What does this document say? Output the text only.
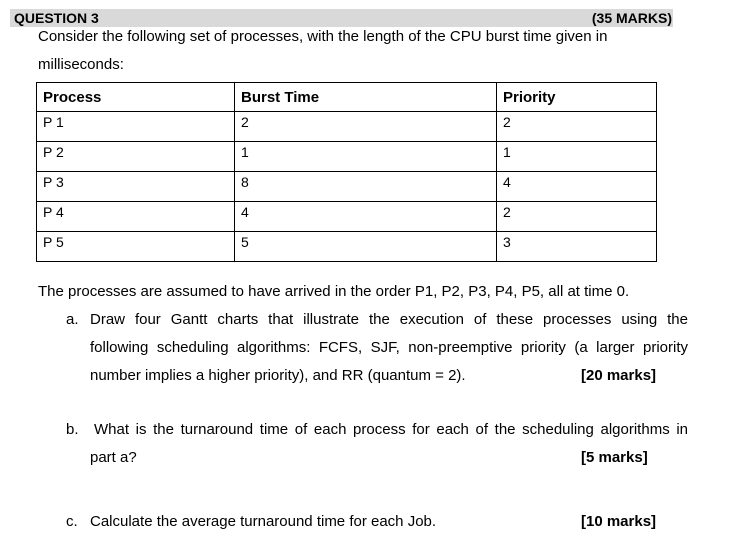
QUESTION 3	(35 MARKS)
Consider the following set of processes, with the length of the CPU burst time given in
milliseconds:
Process	Burst Time	Priority
P 1	2	2
P 2	1	1
P 3	8	4
P 4	4	2
P 5	5	3
The processes are assumed to have arrived in the order P1, P2, P3, P4, P5, all at time 0.
a. Draw four Gantt charts that illustrate the execution of these processes using the
following scheduling algorithms: FCFS, SJF, non-preemptive priority (a larger priority
number implies a higher priority), and RR (quantum = 2).	[20 marks]
b. What is the turnaround time of each process for each of the scheduling algorithms in
part a?	[5 marks]
c. Calculate the average turnaround time for each Job.	[10 marks]
